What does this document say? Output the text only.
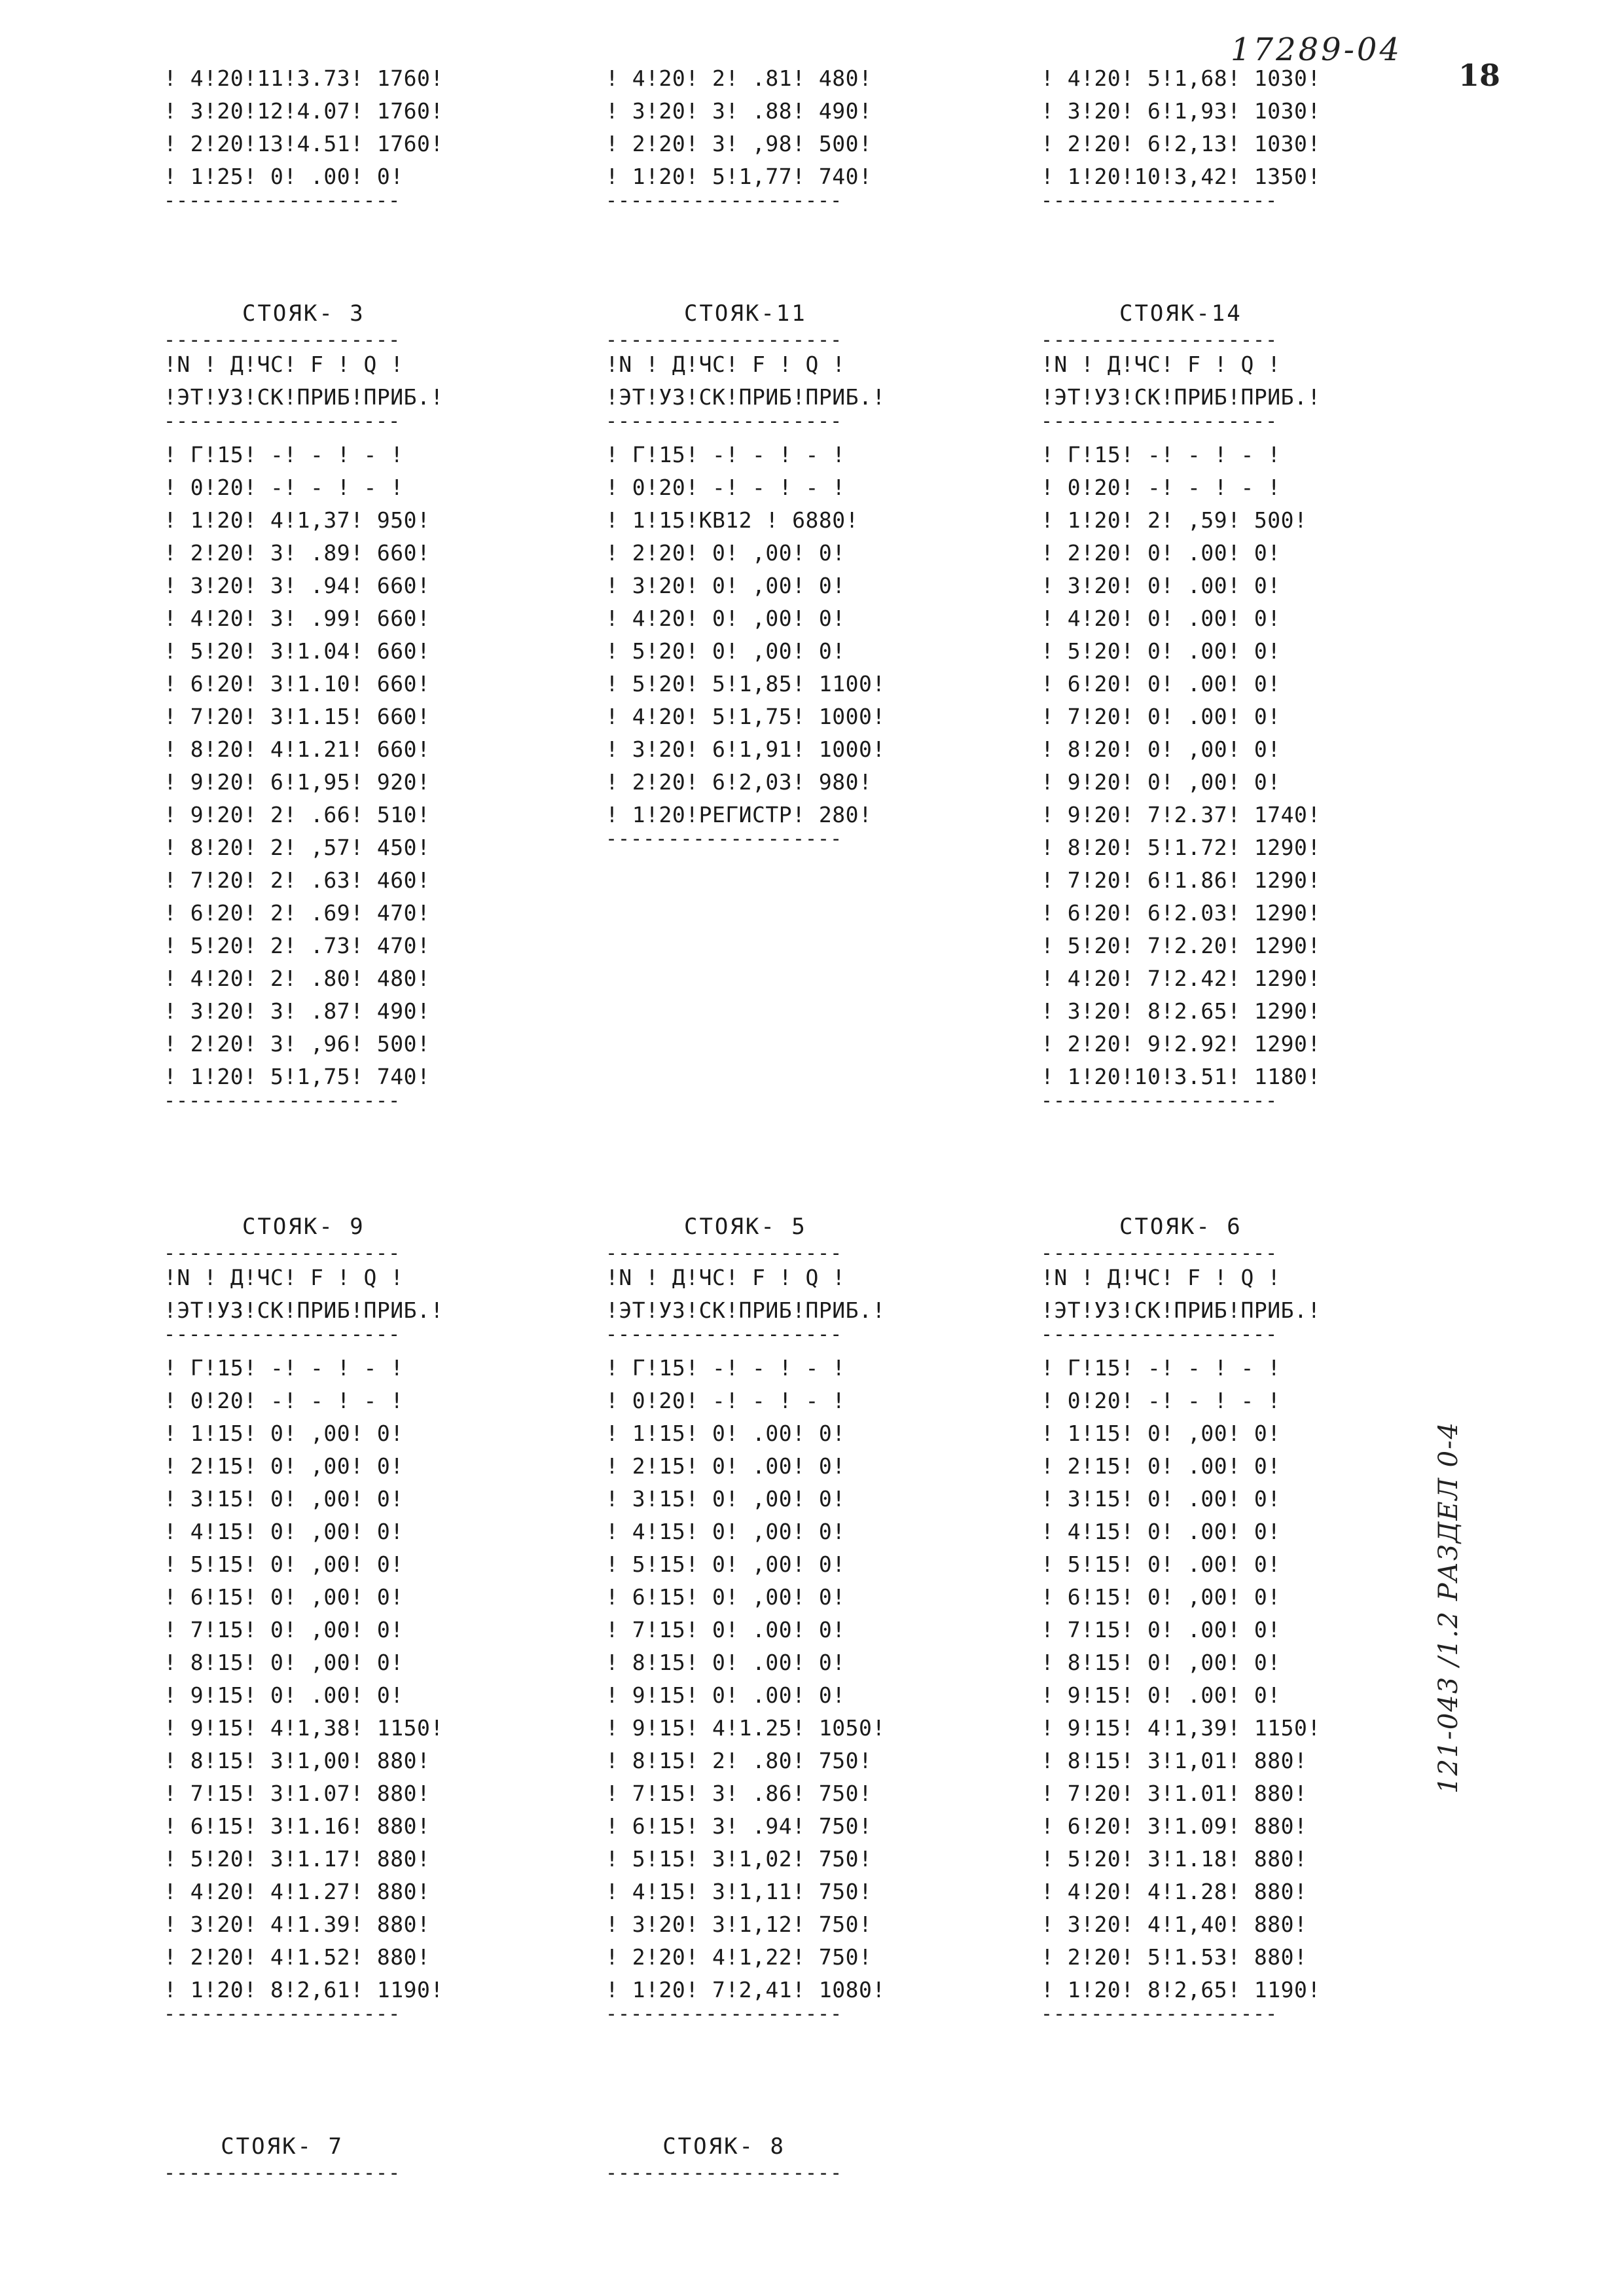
17289-04
18
121-043 /1.2 РАЗДЕЛ 0-4
! 4!20!11!3.73! 1760!
! 3!20!12!4.07! 1760!
! 2!20!13!4.51! 1760!
! 1!25! 0! .00! 0!
-------------------
! 4!20! 2! .81! 480!
! 3!20! 3! .88! 490!
! 2!20! 3! ,98! 500!
! 1!20! 5!1,77! 740!
-------------------
! 4!20! 5!1,68! 1030!
! 3!20! 6!1,93! 1030!
! 2!20! 6!2,13! 1030!
! 1!20!10!3,42! 1350!
-------------------
СТОЯК- 3
-------------------
!N ! Д!ЧС! F ! Q !
!ЭТ!УЗ!СК!ПРИБ!ПРИБ.!
-------------------
! Г!15! -! - ! - !
! 0!20! -! - ! - !
! 1!20! 4!1,37! 950!
! 2!20! 3! .89! 660!
! 3!20! 3! .94! 660!
! 4!20! 3! .99! 660!
! 5!20! 3!1.04! 660!
! 6!20! 3!1.10! 660!
! 7!20! 3!1.15! 660!
! 8!20! 4!1.21! 660!
! 9!20! 6!1,95! 920!
! 9!20! 2! .66! 510!
! 8!20! 2! ,57! 450!
! 7!20! 2! .63! 460!
! 6!20! 2! .69! 470!
! 5!20! 2! .73! 470!
! 4!20! 2! .80! 480!
! 3!20! 3! .87! 490!
! 2!20! 3! ,96! 500!
! 1!20! 5!1,75! 740!
-------------------
СТОЯК-11
-------------------
!N ! Д!ЧС! F ! Q !
!ЭТ!УЗ!СК!ПРИБ!ПРИБ.!
-------------------
! Г!15! -! - ! - !
! 0!20! -! - ! - !
! 1!15!КВ12 ! 6880!
! 2!20! 0! ,00! 0!
! 3!20! 0! ,00! 0!
! 4!20! 0! ,00! 0!
! 5!20! 0! ,00! 0!
! 5!20! 5!1,85! 1100!
! 4!20! 5!1,75! 1000!
! 3!20! 6!1,91! 1000!
! 2!20! 6!2,03! 980!
! 1!20!РЕГИСТР! 280!
-------------------
СТОЯК-14
-------------------
!N ! Д!ЧС! F ! Q !
!ЭТ!УЗ!СК!ПРИБ!ПРИБ.!
-------------------
! Г!15! -! - ! - !
! 0!20! -! - ! - !
! 1!20! 2! ,59! 500!
! 2!20! 0! .00! 0!
! 3!20! 0! .00! 0!
! 4!20! 0! .00! 0!
! 5!20! 0! .00! 0!
! 6!20! 0! .00! 0!
! 7!20! 0! .00! 0!
! 8!20! 0! ,00! 0!
! 9!20! 0! ,00! 0!
! 9!20! 7!2.37! 1740!
! 8!20! 5!1.72! 1290!
! 7!20! 6!1.86! 1290!
! 6!20! 6!2.03! 1290!
! 5!20! 7!2.20! 1290!
! 4!20! 7!2.42! 1290!
! 3!20! 8!2.65! 1290!
! 2!20! 9!2.92! 1290!
! 1!20!10!3.51! 1180!
-------------------
СТОЯК- 9
-------------------
!N ! Д!ЧС! F ! Q !
!ЭТ!УЗ!СК!ПРИБ!ПРИБ.!
-------------------
! Г!15! -! - ! - !
! 0!20! -! - ! - !
! 1!15! 0! ,00! 0!
! 2!15! 0! ,00! 0!
! 3!15! 0! ,00! 0!
! 4!15! 0! ,00! 0!
! 5!15! 0! ,00! 0!
! 6!15! 0! ,00! 0!
! 7!15! 0! ,00! 0!
! 8!15! 0! ,00! 0!
! 9!15! 0! .00! 0!
! 9!15! 4!1,38! 1150!
! 8!15! 3!1,00! 880!
! 7!15! 3!1.07! 880!
! 6!15! 3!1.16! 880!
! 5!20! 3!1.17! 880!
! 4!20! 4!1.27! 880!
! 3!20! 4!1.39! 880!
! 2!20! 4!1.52! 880!
! 1!20! 8!2,61! 1190!
-------------------
СТОЯК- 5
-------------------
!N ! Д!ЧС! F ! Q !
!ЭТ!УЗ!СК!ПРИБ!ПРИБ.!
-------------------
! Г!15! -! - ! - !
! 0!20! -! - ! - !
! 1!15! 0! .00! 0!
! 2!15! 0! .00! 0!
! 3!15! 0! ,00! 0!
! 4!15! 0! ,00! 0!
! 5!15! 0! ,00! 0!
! 6!15! 0! ,00! 0!
! 7!15! 0! .00! 0!
! 8!15! 0! .00! 0!
! 9!15! 0! .00! 0!
! 9!15! 4!1.25! 1050!
! 8!15! 2! .80! 750!
! 7!15! 3! .86! 750!
! 6!15! 3! .94! 750!
! 5!15! 3!1,02! 750!
! 4!15! 3!1,11! 750!
! 3!20! 3!1,12! 750!
! 2!20! 4!1,22! 750!
! 1!20! 7!2,41! 1080!
-------------------
СТОЯК- 6
-------------------
!N ! Д!ЧС! F ! Q !
!ЭТ!УЗ!СК!ПРИБ!ПРИБ.!
-------------------
! Г!15! -! - ! - !
! 0!20! -! - ! - !
! 1!15! 0! ,00! 0!
! 2!15! 0! .00! 0!
! 3!15! 0! .00! 0!
! 4!15! 0! .00! 0!
! 5!15! 0! .00! 0!
! 6!15! 0! ,00! 0!
! 7!15! 0! .00! 0!
! 8!15! 0! ,00! 0!
! 9!15! 0! .00! 0!
! 9!15! 4!1,39! 1150!
! 8!15! 3!1,01! 880!
! 7!20! 3!1.01! 880!
! 6!20! 3!1.09! 880!
! 5!20! 3!1.18! 880!
! 4!20! 4!1.28! 880!
! 3!20! 4!1,40! 880!
! 2!20! 5!1.53! 880!
! 1!20! 8!2,65! 1190!
-------------------
СТОЯК- 7
-------------------
СТОЯК- 8
-------------------
